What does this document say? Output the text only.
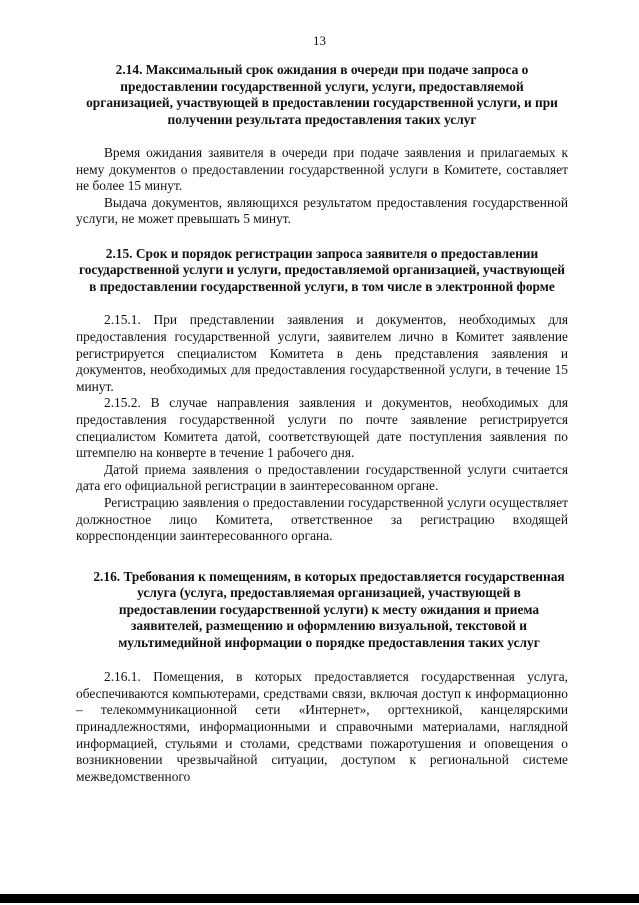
13

2.14. Максимальный срок ожидания в очереди при подаче запроса о предоставлении государственной услуги, услуги, предоставляемой организацией, участвующей в предоставлении государственной услуги, и при получении результата предоставления таких услуг

Время ожидания заявителя в очереди при подаче заявления и прилагаемых к нему документов о предоставлении государственной услуги в Комитете, составляет не более 15 минут.

Выдача документов, являющихся результатом предоставления государственной услуги, не может превышать 5 минут.

2.15. Срок и порядок регистрации запроса заявителя о предоставлении государственной услуги и услуги, предоставляемой организацией, участвующей в предоставлении государственной услуги, в том числе в электронной форме

2.15.1. При представлении заявления и документов, необходимых для предоставления государственной услуги, заявителем лично в Комитет заявление регистрируется специалистом Комитета в день представления заявления и документов, необходимых для предоставления государственной услуги, в течение 15 минут.

2.15.2. В случае направления заявления и документов, необходимых для предоставления государственной услуги по почте заявление регистрируется специалистом Комитета датой, соответствующей дате поступления заявления по штемпелю на конверте в течение 1 рабочего дня.

Датой приема заявления о предоставлении государственной услуги считается дата его официальной регистрации в заинтересованном органе.

Регистрацию заявления о предоставлении государственной услуги осуществляет должностное лицо Комитета, ответственное за регистрацию входящей корреспонденции заинтересованного органа.

2.16. Требования к помещениям, в которых предоставляется государственная услуга (услуга, предоставляемая организацией, участвующей в предоставлении государственной услуги) к месту ожидания и приема заявителей, размещению и оформлению визуальной, текстовой и мультимедийной информации о порядке предоставления таких услуг

2.16.1. Помещения, в которых предоставляется государственная услуга, обеспечиваются компьютерами, средствами связи, включая доступ к информационно – телекоммуникационной сети «Интернет», оргтехникой, канцелярскими принадлежностями, информационными и справочными материалами, наглядной информацией, стульями и столами, средствами пожаротушения и оповещения о возникновении чрезвычайной ситуации, доступом к региональной системе межведомственного
